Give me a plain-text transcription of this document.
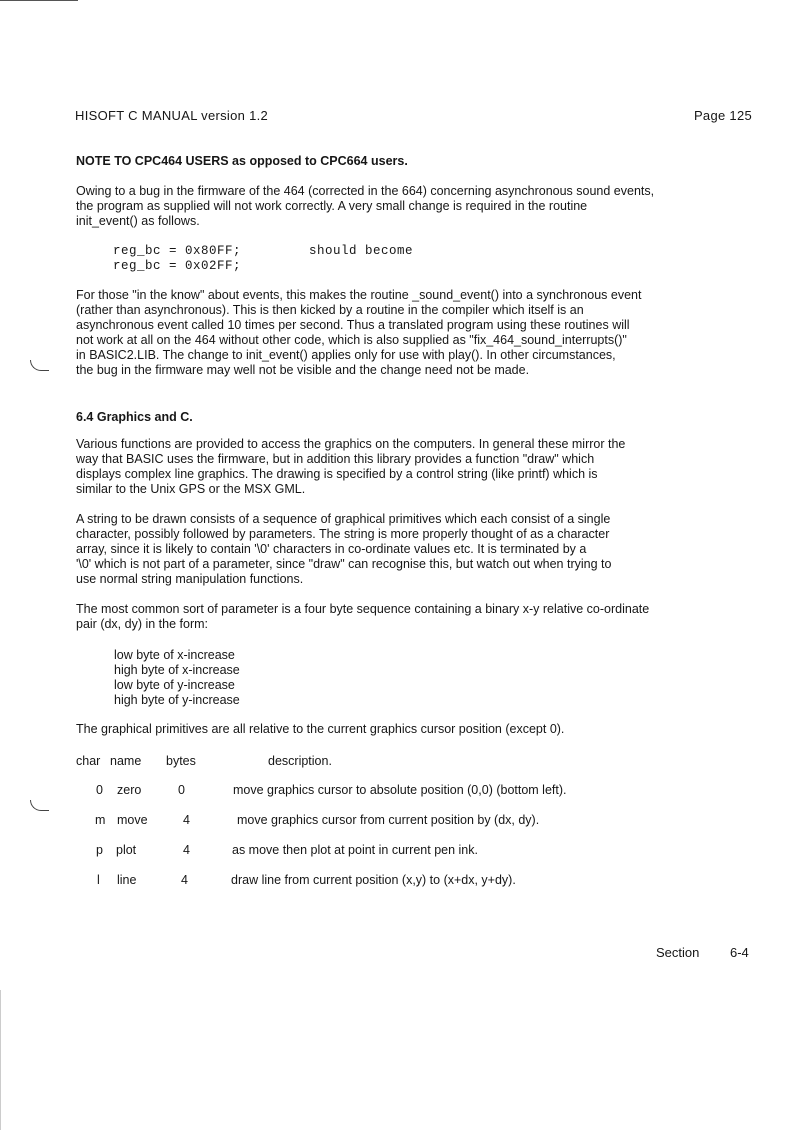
HISOFT C MANUAL version 1.2	Page 125
NOTE TO CPC464 USERS as opposed to CPC664 users.
Owing to a bug in the firmware of the 464 (corrected in the 664) concerning asynchronous sound events,
the program as supplied will not work correctly. A very small change is required in the routine
init_event() as follows.
reg_bc = 0x80FF;
reg_bc = 0x02FF;
should become
For those "in the know" about events, this makes the routine _sound_event() into a synchronous event
(rather than asynchronous). This is then kicked by a routine in the compiler which itself is an
asynchronous event called 10 times per second. Thus a translated program using these routines will
not work at all on the 464 without other code, which is also supplied as "fix_464_sound_interrupts()"
in BASIC2.LIB. The change to init_event() applies only for use with play(). In other circumstances,
the bug in the firmware may well not be visible and the change need not be made.
6.4 Graphics and C.
Various functions are provided to access the graphics on the computers. In general these mirror the
way that BASIC uses the firmware, but in addition this library provides a function "draw" which
displays complex line graphics. The drawing is specified by a control string (like printf) which is
similar to the Unix GPS or the MSX GML.
A string to be drawn consists of a sequence of graphical primitives which each consist of a single
character, possibly followed by parameters. The string is more properly thought of as a character
array, since it is likely to contain '\0' characters in co-ordinate values etc. It is terminated by a
'\0' which is not part of a parameter, since "draw" can recognise this, but watch out when trying to
use normal string manipulation functions.
The most common sort of parameter is a four byte sequence containing a binary x-y relative co-ordinate
pair (dx, dy) in the form:
low byte of x-increase
high byte of x-increase
low byte of y-increase
high byte of y-increase
The graphical primitives are all relative to the current graphics cursor position (except 0).
char name bytes	description.
0 zero	0	move graphics cursor to absolute position (0,0) (bottom left).
m move	4	move graphics cursor from current position by (dx, dy).
p plot	4	as move then plot at point in current pen ink.
l line	4	draw line from current position (x,y) to (x+dx, y+dy).
Section 6-4
